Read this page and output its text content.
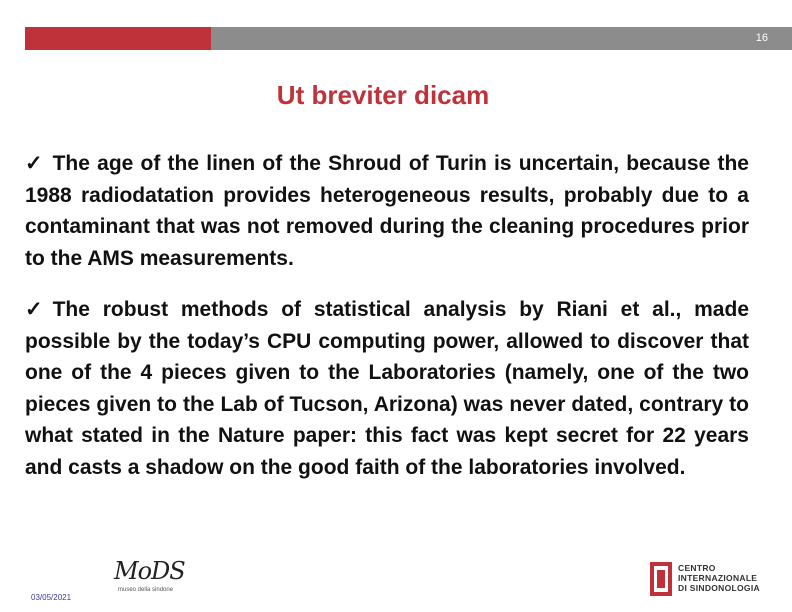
16
Ut breviter dicam

✓ The age of the linen of the Shroud of Turin is uncertain, because the 1988 radiodatation provides heterogeneous results, probably due to a contaminant that was not removed during the cleaning procedures prior to the AMS measurements.

✓ The robust methods of statistical analysis by Riani et al., made possible by the today’s CPU computing power, allowed to discover that one of the 4 pieces given to the Laboratories (namely, one of the two pieces given to the Lab of Tucson, Arizona) was never dated, contrary to what stated in the Nature paper: this fact was kept secret for 22 years and casts a shadow on the good faith of the laboratories involved.

MoDS
museo della sindone
CENTRO
INTERNAZIONALE
DI SINDONOLOGIA
03/05/2021
